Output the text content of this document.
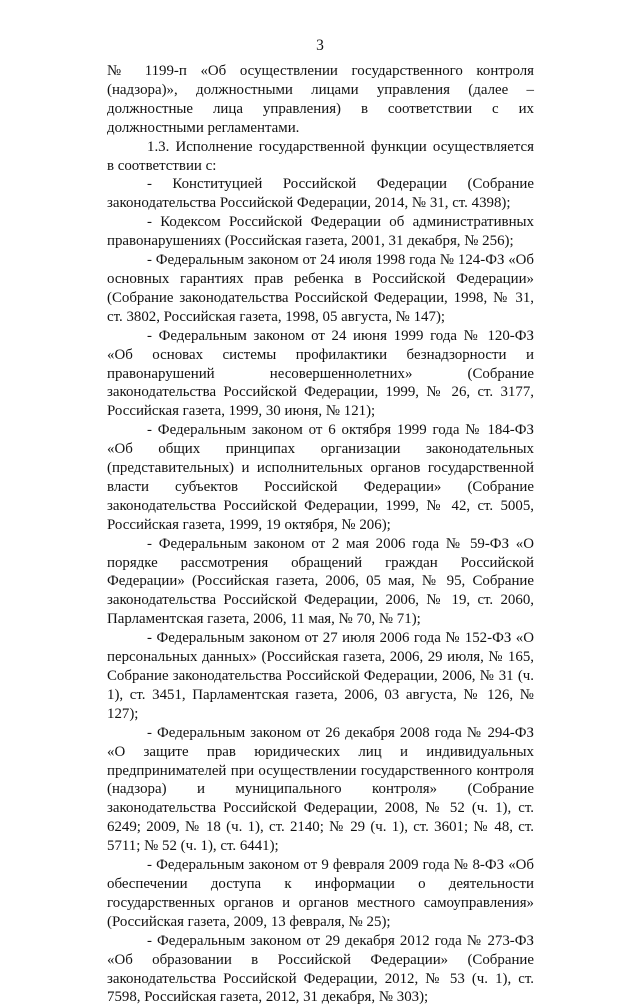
3

№ 1199-п «Об осуществлении государственного контроля (надзора)», должностными лицами управления (далее – должностные лица управления) в соответствии с их должностными регламентами.

1.3. Исполнение государственной функции осуществляется в соответствии с:

- Конституцией Российской Федерации (Собрание законодательства Российской Федерации, 2014, № 31, ст. 4398);

- Кодексом Российской Федерации об административных правонарушениях (Российская газета, 2001, 31 декабря, № 256);

- Федеральным законом от 24 июля 1998 года № 124-ФЗ «Об основных гарантиях прав ребенка в Российской Федерации» (Собрание законодательства Российской Федерации, 1998, № 31, ст. 3802, Российская газета, 1998, 05 августа, № 147);

- Федеральным законом от 24 июня 1999 года № 120-ФЗ «Об основах системы профилактики безнадзорности и правонарушений несовершеннолетних» (Собрание законодательства Российской Федерации, 1999, № 26, ст. 3177, Российская газета, 1999, 30 июня, № 121);

- Федеральным законом от 6 октября 1999 года № 184-ФЗ «Об общих принципах организации законодательных (представительных) и исполнительных органов государственной власти субъектов Российской Федерации» (Собрание законодательства Российской Федерации, 1999, № 42, ст. 5005, Российская газета, 1999, 19 октября, № 206);

- Федеральным законом от 2 мая 2006 года № 59-ФЗ «О порядке рассмотрения обращений граждан Российской Федерации» (Российская газета, 2006, 05 мая, № 95, Собрание законодательства Российской Федерации, 2006, № 19, ст. 2060, Парламентская газета, 2006, 11 мая, № 70, № 71);

- Федеральным законом от 27 июля 2006 года № 152-ФЗ «О персональных данных» (Российская газета, 2006, 29 июля, № 165, Собрание законодательства Российской Федерации, 2006, № 31 (ч. 1), ст. 3451, Парламентская газета, 2006, 03 августа, № 126, № 127);

- Федеральным законом от 26 декабря 2008 года № 294-ФЗ «О защите прав юридических лиц и индивидуальных предпринимателей при осуществлении государственного контроля (надзора) и муниципального контроля» (Собрание законодательства Российской Федерации, 2008, № 52 (ч. 1), ст. 6249; 2009, № 18 (ч. 1), ст. 2140; № 29 (ч. 1), ст. 3601; № 48, ст. 5711; № 52 (ч. 1), ст. 6441);

- Федеральным законом от 9 февраля 2009 года № 8-ФЗ «Об обеспечении доступа к информации о деятельности государственных органов и органов местного самоуправления» (Российская газета, 2009, 13 февраля, № 25);

- Федеральным законом от 29 декабря 2012 года № 273-ФЗ «Об образовании в Российской Федерации» (Собрание законодательства Российской Федерации, 2012, № 53 (ч. 1), ст. 7598, Российская газета, 2012, 31 декабря, № 303);
